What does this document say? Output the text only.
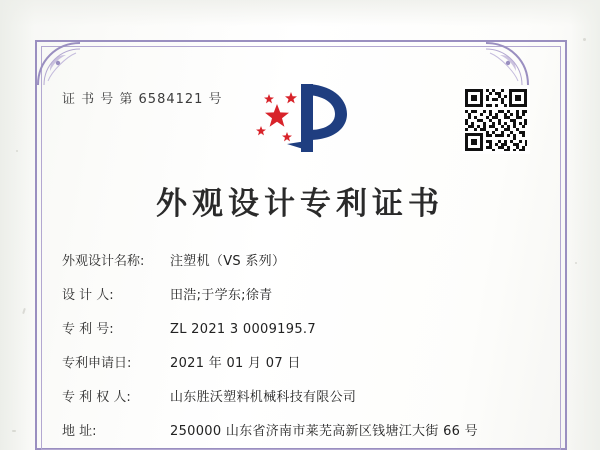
证 书 号 第 6584121 号
外观设计专利证书
外观设计名称:	注塑机（VS 系列）
设 计 人:	田浩;于学东;徐青
专 利 号:	ZL 2021 3 0009195.7
专利申请日:	2021 年 01 月 07 日
专 利 权 人:	山东胜沃塑料机械科技有限公司
地 址:	250000 山东省济南市莱芜高新区钱塘江大街 66 号
